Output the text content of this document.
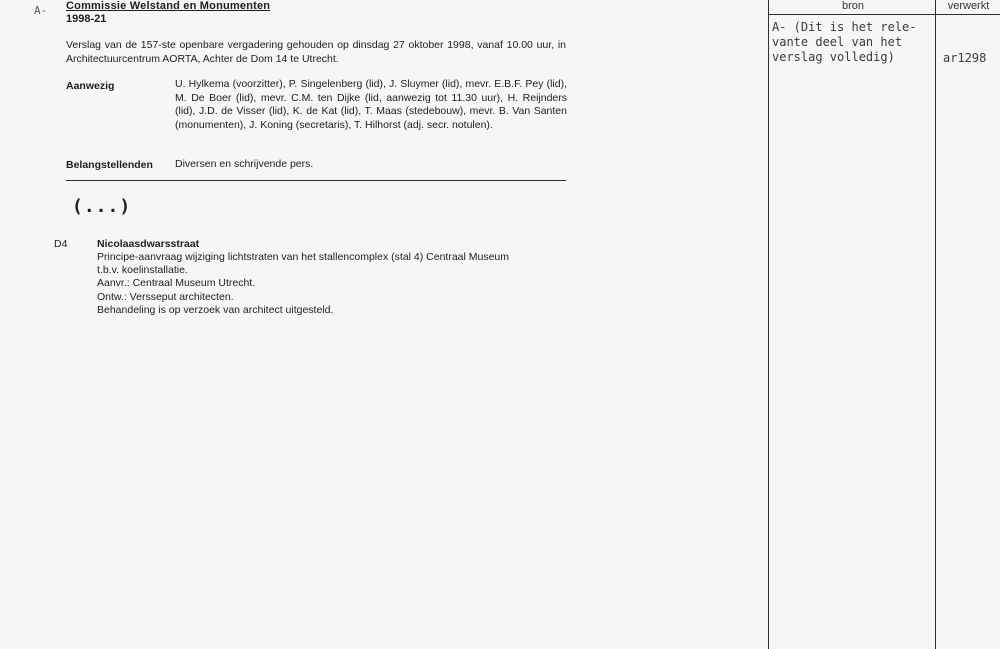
A- Commissie Welstand en Monumenten
1998-21
Verslag van de 157-ste openbare vergadering gehouden op dinsdag 27 oktober 1998, vanaf 10.00 uur, in Architectuurcentrum AORTA, Achter de Dom 14 te Utrecht.
Aanwezig	U. Hylkema (voorzitter), P. Singelenberg (lid), J. Sluymer (lid), mevr. E.B.F. Pey (lid), M. De Boer (lid), mevr. C.M. ten Dijke (lid, aanwezig tot 11.30 uur), H. Reijnders (lid), J.D. de Visser (lid), K. de Kat (lid), T. Maas (stedebouw), mevr. B. Van Santen (monumenten), J. Koning (secretaris), T. Hilhorst (adj. secr. notulen).
Belangstellenden Diversen en schrijvende pers.
(...)
D4	Nicolaasdwarsstraat
Principe-aanvraag wijziging lichtstraten van het stallencomplex (stal 4) Centraal Museum
t.b.v. koelinstallatie.
Aanvr.: Centraal Museum Utrecht.
Ontw.: Versseput architecten.
Behandeling is op verzoek van architect uitgesteld.
bron	verwerkt
A- (Dit is het rele-
vante deel van het
verslag volledig)	ar1298
